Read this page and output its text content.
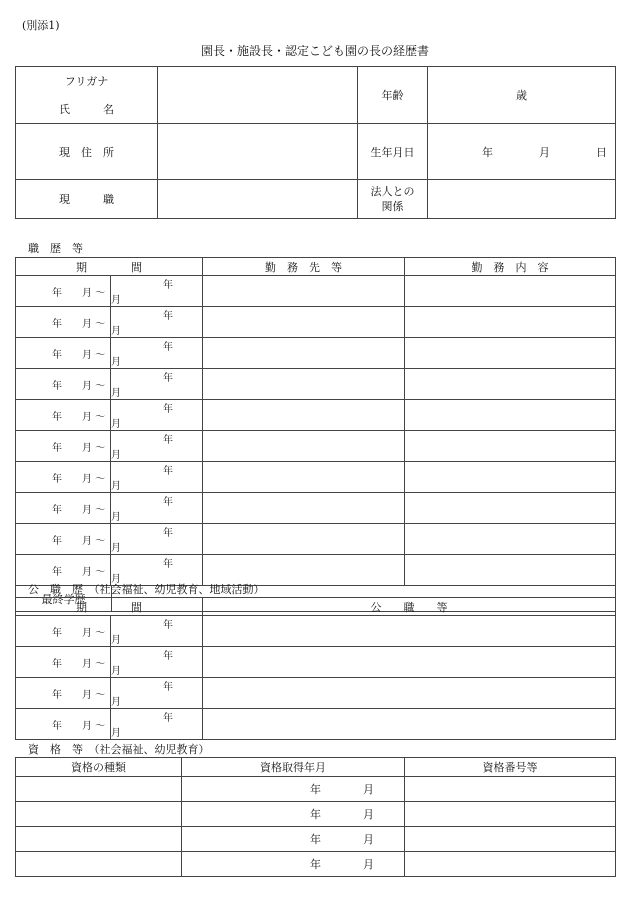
(別添1)
園長・施設長・認定こども園の長の経歴書
フリガナ
氏　　　名		年齢	歳
現　住　所		生年月日	年 月 日

現　　　職		法人との
関係	

職　歴　等
期　　　　間		勤　務　先　等	勤　務　内　容
年　　月 〜	年　　月		
年　　月 〜	年　　月		
年　　月 〜	年　　月		
年　　月 〜	年　　月		
年　　月 〜	年　　月		
年　　月 〜	年　　月		
年　　月 〜	年　　月		
年　　月 〜	年　　月		
年　　月 〜	年　　月		
年　　月 〜	年　　月		

最終学歴			
公　職　歴　（社会福祉、幼児教育、地域活動）
期　　　　間		公　　職　　等
年　　月 〜	年　　月	
年　　月 〜	年　　月	
年　　月 〜	年　　月	
年　　月 〜	年　　月	
資　格　等　（社会福祉、幼児教育）
資格の種類	資格取得年月	資格番号等

	年 月	

	年 月	

	年 月	

	年 月	
